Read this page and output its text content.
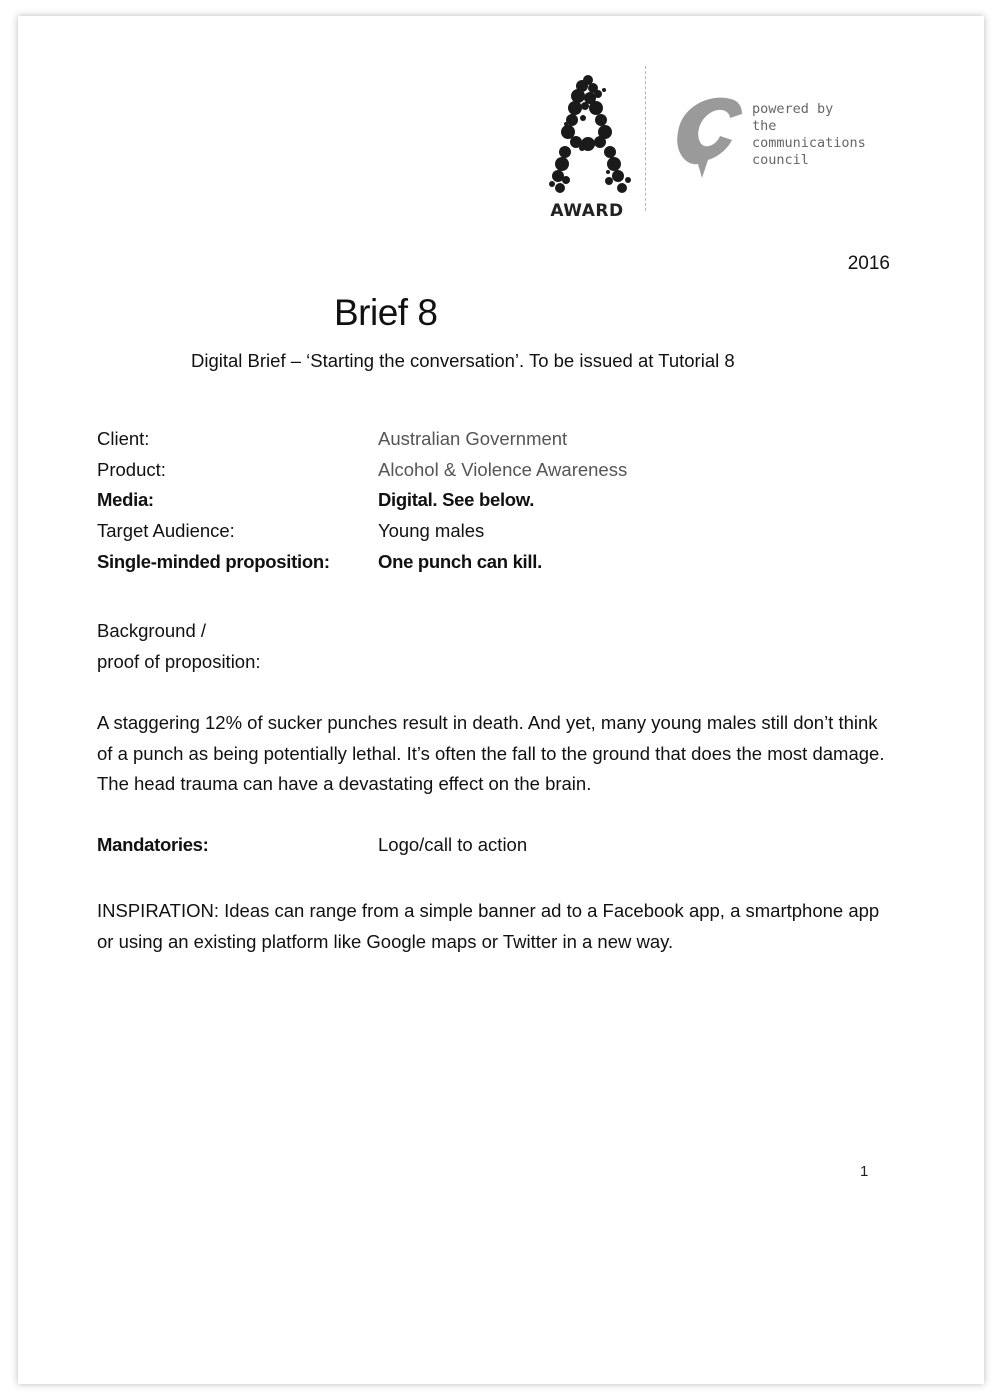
AWARD
powered by
the
communications
council
2016
Brief 8
Digital Brief – ‘Starting the conversation’. To be issued at Tutorial 8
Client:	Australian Government
Product:	Alcohol & Violence Awareness
Media:	Digital. See below.
Target Audience:	Young males
Single-minded proposition:	One punch can kill.
Background /
proof of proposition:
A staggering 12% of sucker punches result in death. And yet, many young males still don’t think of a punch as being potentially lethal. It’s often the fall to the ground that does the most damage. The head trauma can have a devastating effect on the brain.
Mandatories:	Logo/call to action
INSPIRATION: Ideas can range from a simple banner ad to a Facebook app, a smartphone app or using an existing platform like Google maps or Twitter in a new way.
1
